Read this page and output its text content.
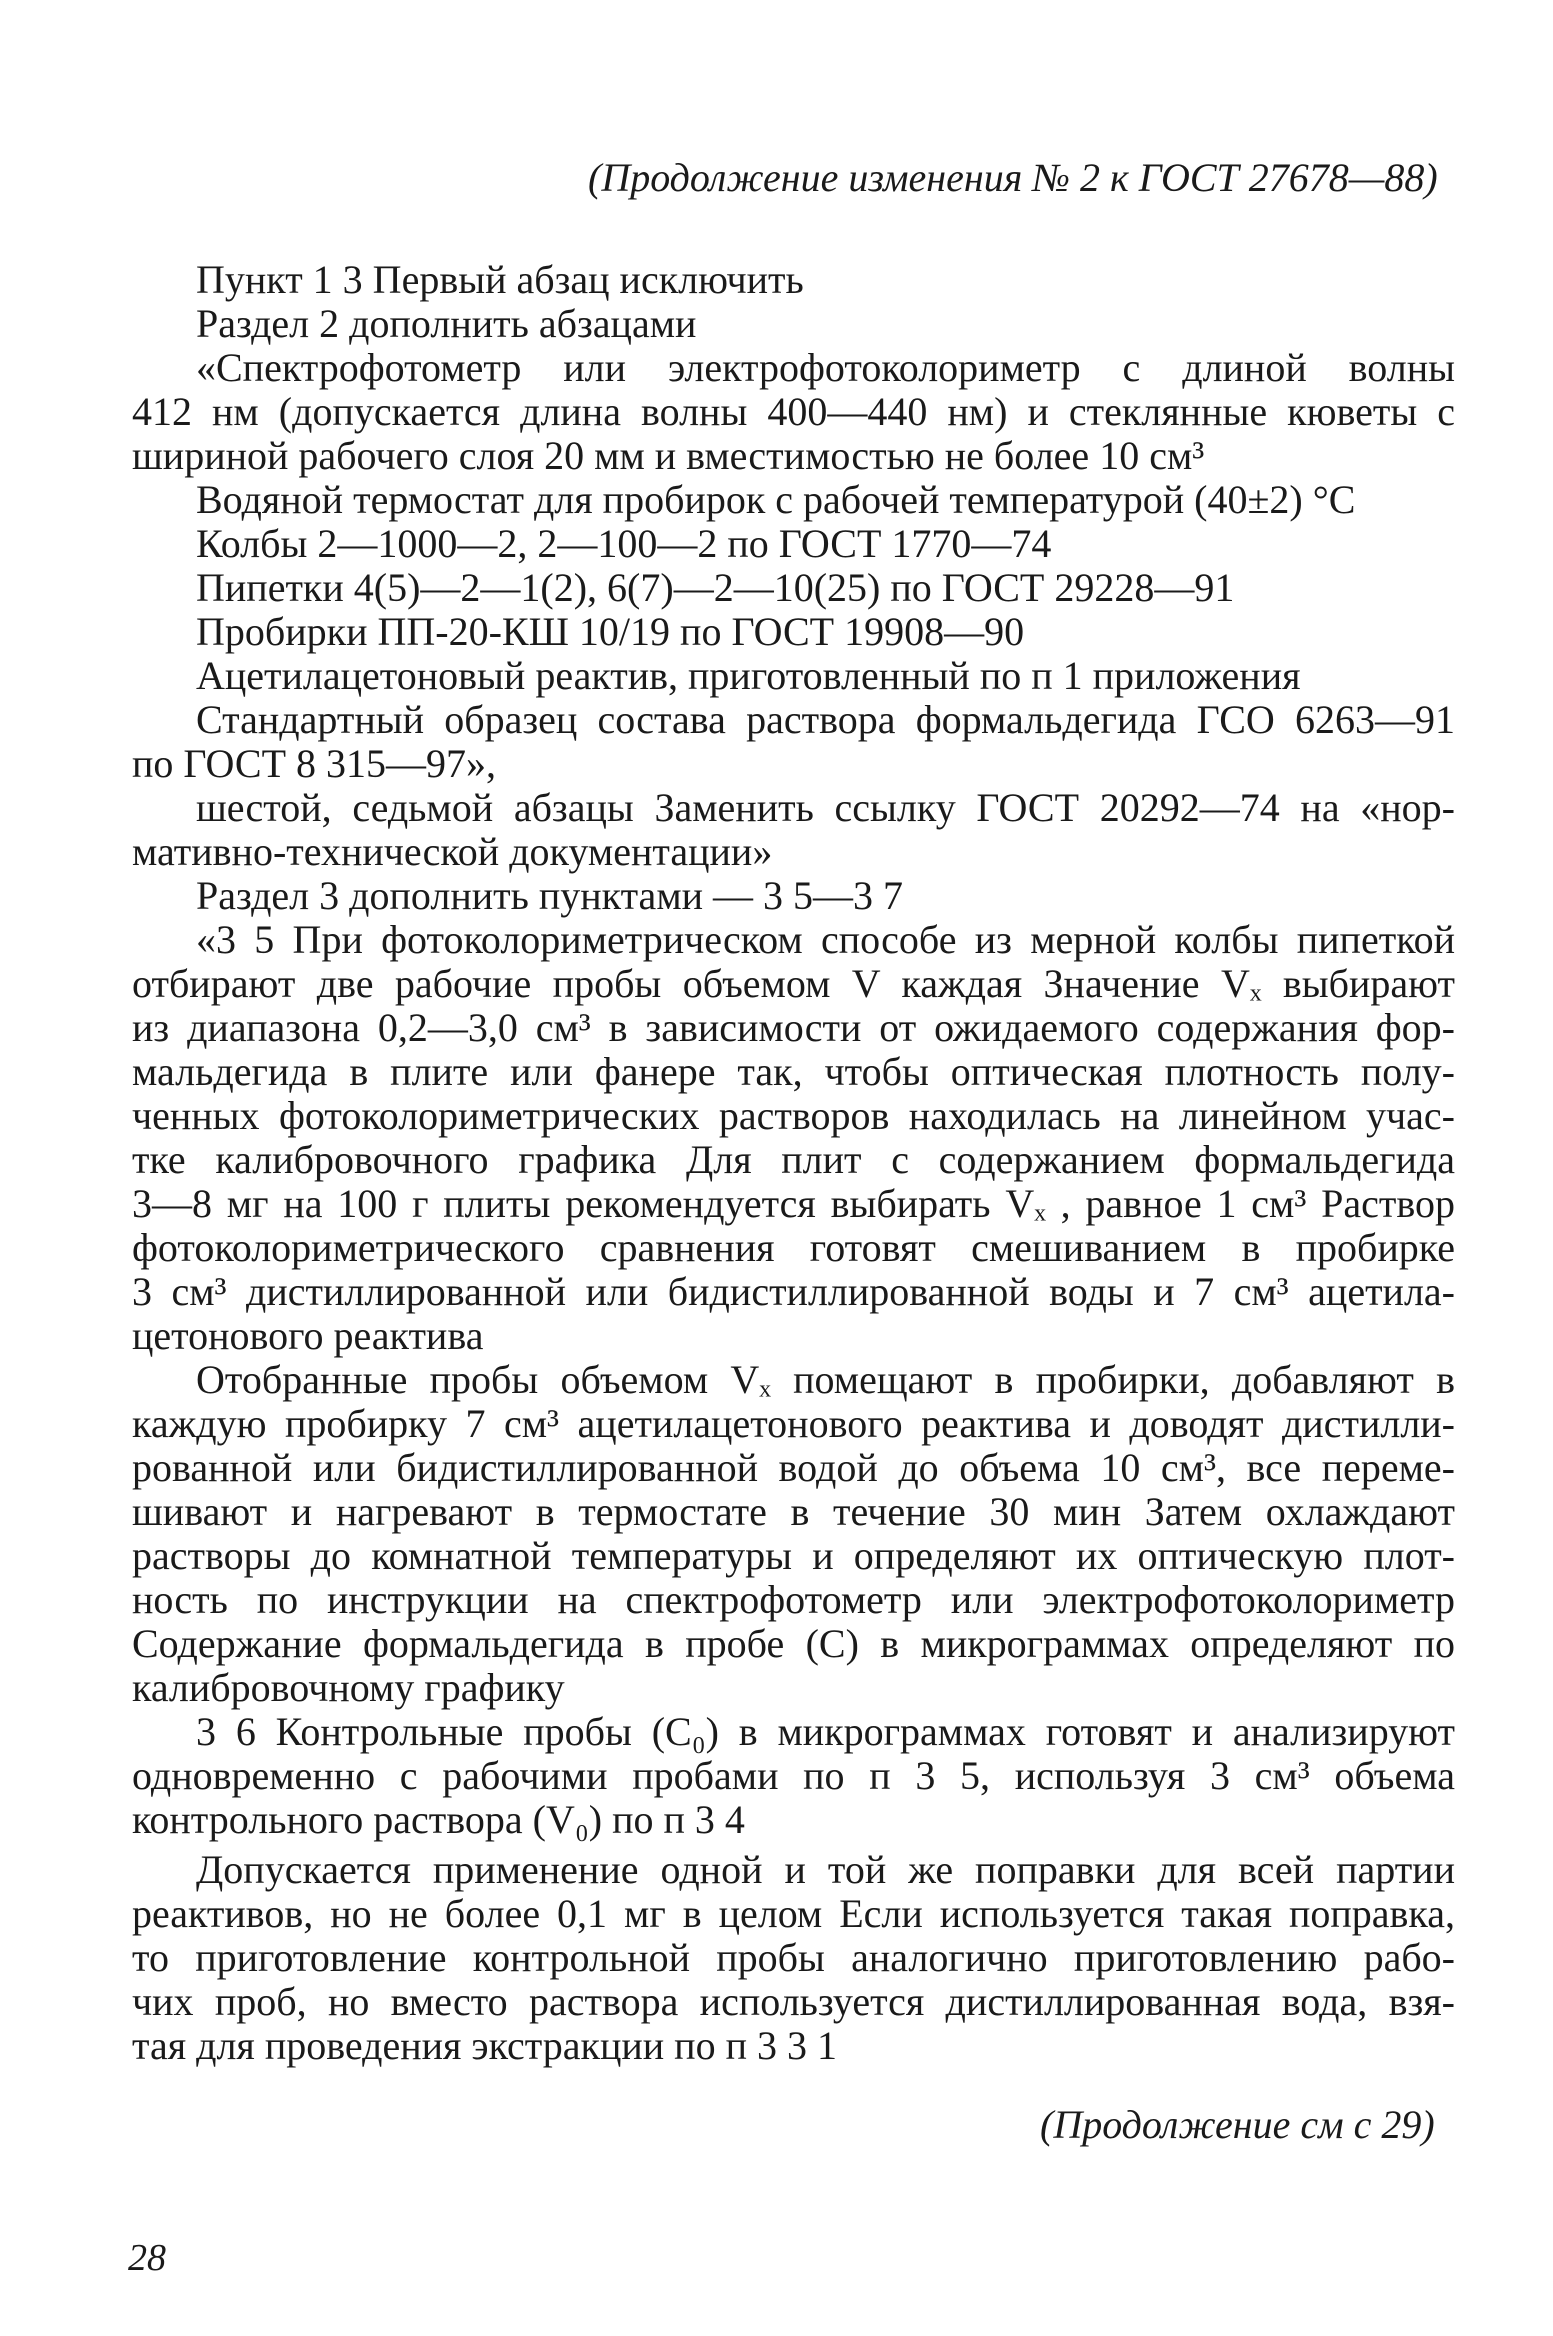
(Продолжение изменения № 2 к ГОСТ 27678—88)

Пункт 1 3 Первый абзац исключить

Раздел 2 дополнить абзацами

«Спектрофотометр или электрофотоколориметр с длиной волны

412 нм (допускается длина волны 400—440 нм) и стеклянные кюветы с

шириной рабочего слоя 20 мм и вместимостью не более 10 см³

Водяной термостат для пробирок с рабочей температурой (40±2) °С

Колбы 2—1000—2, 2—100—2 по ГОСТ 1770—74

Пипетки 4(5)—2—1(2), 6(7)—2—10(25) по ГОСТ 29228—91

Пробирки ПП-20-КШ 10/19 по ГОСТ 19908—90

Ацетилацетоновый реактив, приготовленный по п 1 приложения

Стандартный образец состава раствора формальдегида ГСО 6263—91

по ГОСТ 8 315—97»,

шестой, седьмой абзацы Заменить ссылку ГОСТ 20292—74 на «нор-

мативно-технической документации»

Раздел 3 дополнить пунктами — 3 5—3 7

«3 5 При фотоколориметрическом способе из мерной колбы пипеткой

отбирают две рабочие пробы объемом V каждая Значение Vₓ выбирают

из диапазона 0,2—3,0 см³ в зависимости от ожидаемого содержания фор-

мальдегида в плите или фанере так, чтобы оптическая плотность полу-

ченных фотоколориметрических растворов находилась на линейном учас-

тке калибровочного графика Для плит с содержанием формальдегида

3—8 мг на 100 г плиты рекомендуется выбирать Vₓ , равное 1 см³ Раствор

фотоколориметрического сравнения готовят смешиванием в пробирке

3 см³ дистиллированной или бидистиллированной воды и 7 см³ ацетила-

цетонового реактива

Отобранные пробы объемом Vₓ помещают в пробирки, добавляют в

каждую пробирку 7 см³ ацетилацетонового реактива и доводят дистилли-

рованной или бидистиллированной водой до объема 10 см³, все переме-

шивают и нагревают в термостате в течение 30 мин Затем охлаждают

растворы до комнатной температуры и определяют их оптическую плот-

ность по инструкции на спектрофотометр или электрофотоколориметр

Содержание формальдегида в пробе (C) в микрограммах определяют по

калибровочному графику

3 6 Контрольные пробы (C₀) в микрограммах готовят и анализируют

одновременно с рабочими пробами по п 3 5, используя 3 см³ объема

контрольного раствора (V₀) по п 3 4

Допускается применение одной и той же поправки для всей партии

реактивов, но не более 0,1 мг в целом Если используется такая поправка,

то приготовление контрольной пробы аналогично приготовлению рабо-

чих проб, но вместо раствора используется дистиллированная вода, взя-

тая для проведения экстракции по п 3 3 1

(Продолжение см с 29)

28
